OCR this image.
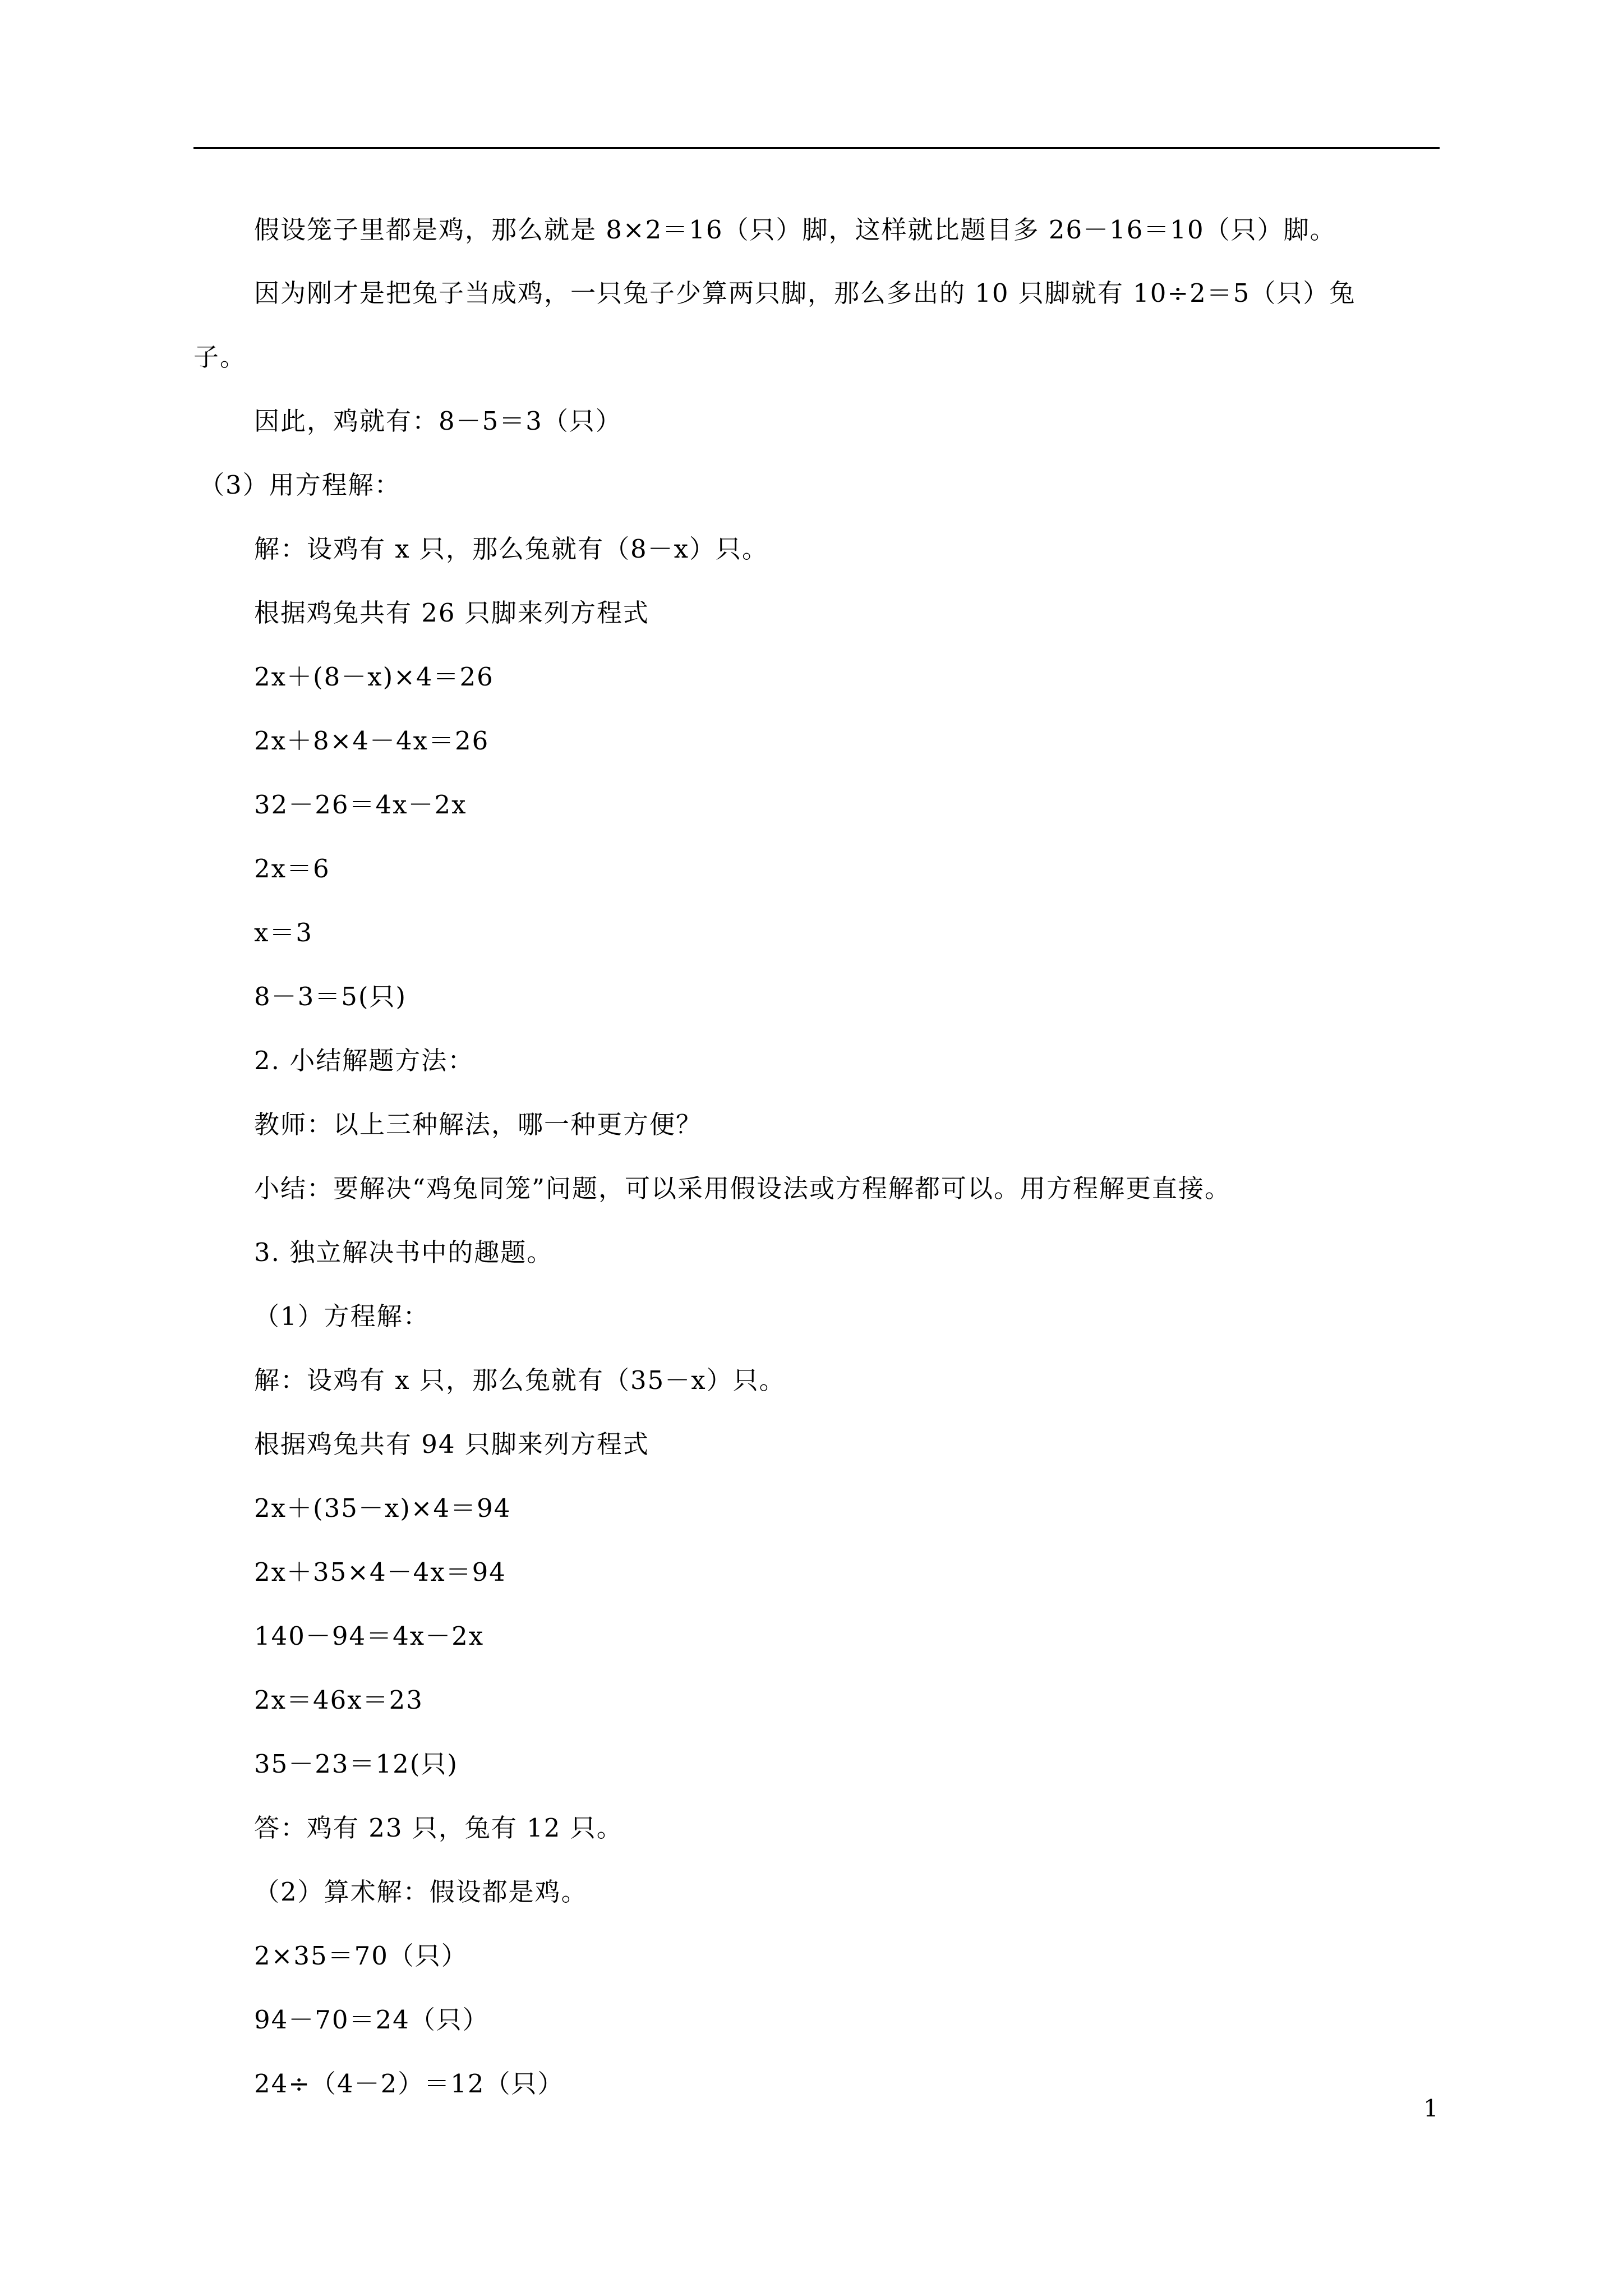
假设笼子里都是鸡，那么就是 8×2＝16（只）脚，这样就比题目多 26－16＝10（只）脚。
因为刚才是把兔子当成鸡，一只兔子少算两只脚，那么多出的 10 只脚就有 10÷2＝5（只）兔
子。
因此，鸡就有：8－5＝3（只）
（3）用方程解：
解：设鸡有 x 只，那么兔就有（8－x）只。
根据鸡兔共有 26 只脚来列方程式
2x＋(8－x)×4＝26
2x＋8×4－4x＝26
32－26＝4x－2x
2x＝6
x＝3
8－3＝5(只)
2. 小结解题方法：
教师：以上三种解法，哪一种更方便？
小结：要解决“鸡兔同笼”问题，可以采用假设法或方程解都可以。用方程解更直接。
3. 独立解决书中的趣题。
（1）方程解：
解：设鸡有 x 只，那么兔就有（35－x）只。
根据鸡兔共有 94 只脚来列方程式
2x＋(35－x)×4＝94
2x＋35×4－4x＝94
140－94＝4x－2x
2x＝46x＝23
35－23＝12(只)
答：鸡有 23 只，兔有 12 只。
（2）算术解：假设都是鸡。
2×35＝70（只）
94－70＝24（只）
24÷（4－2）＝12（只）
1
